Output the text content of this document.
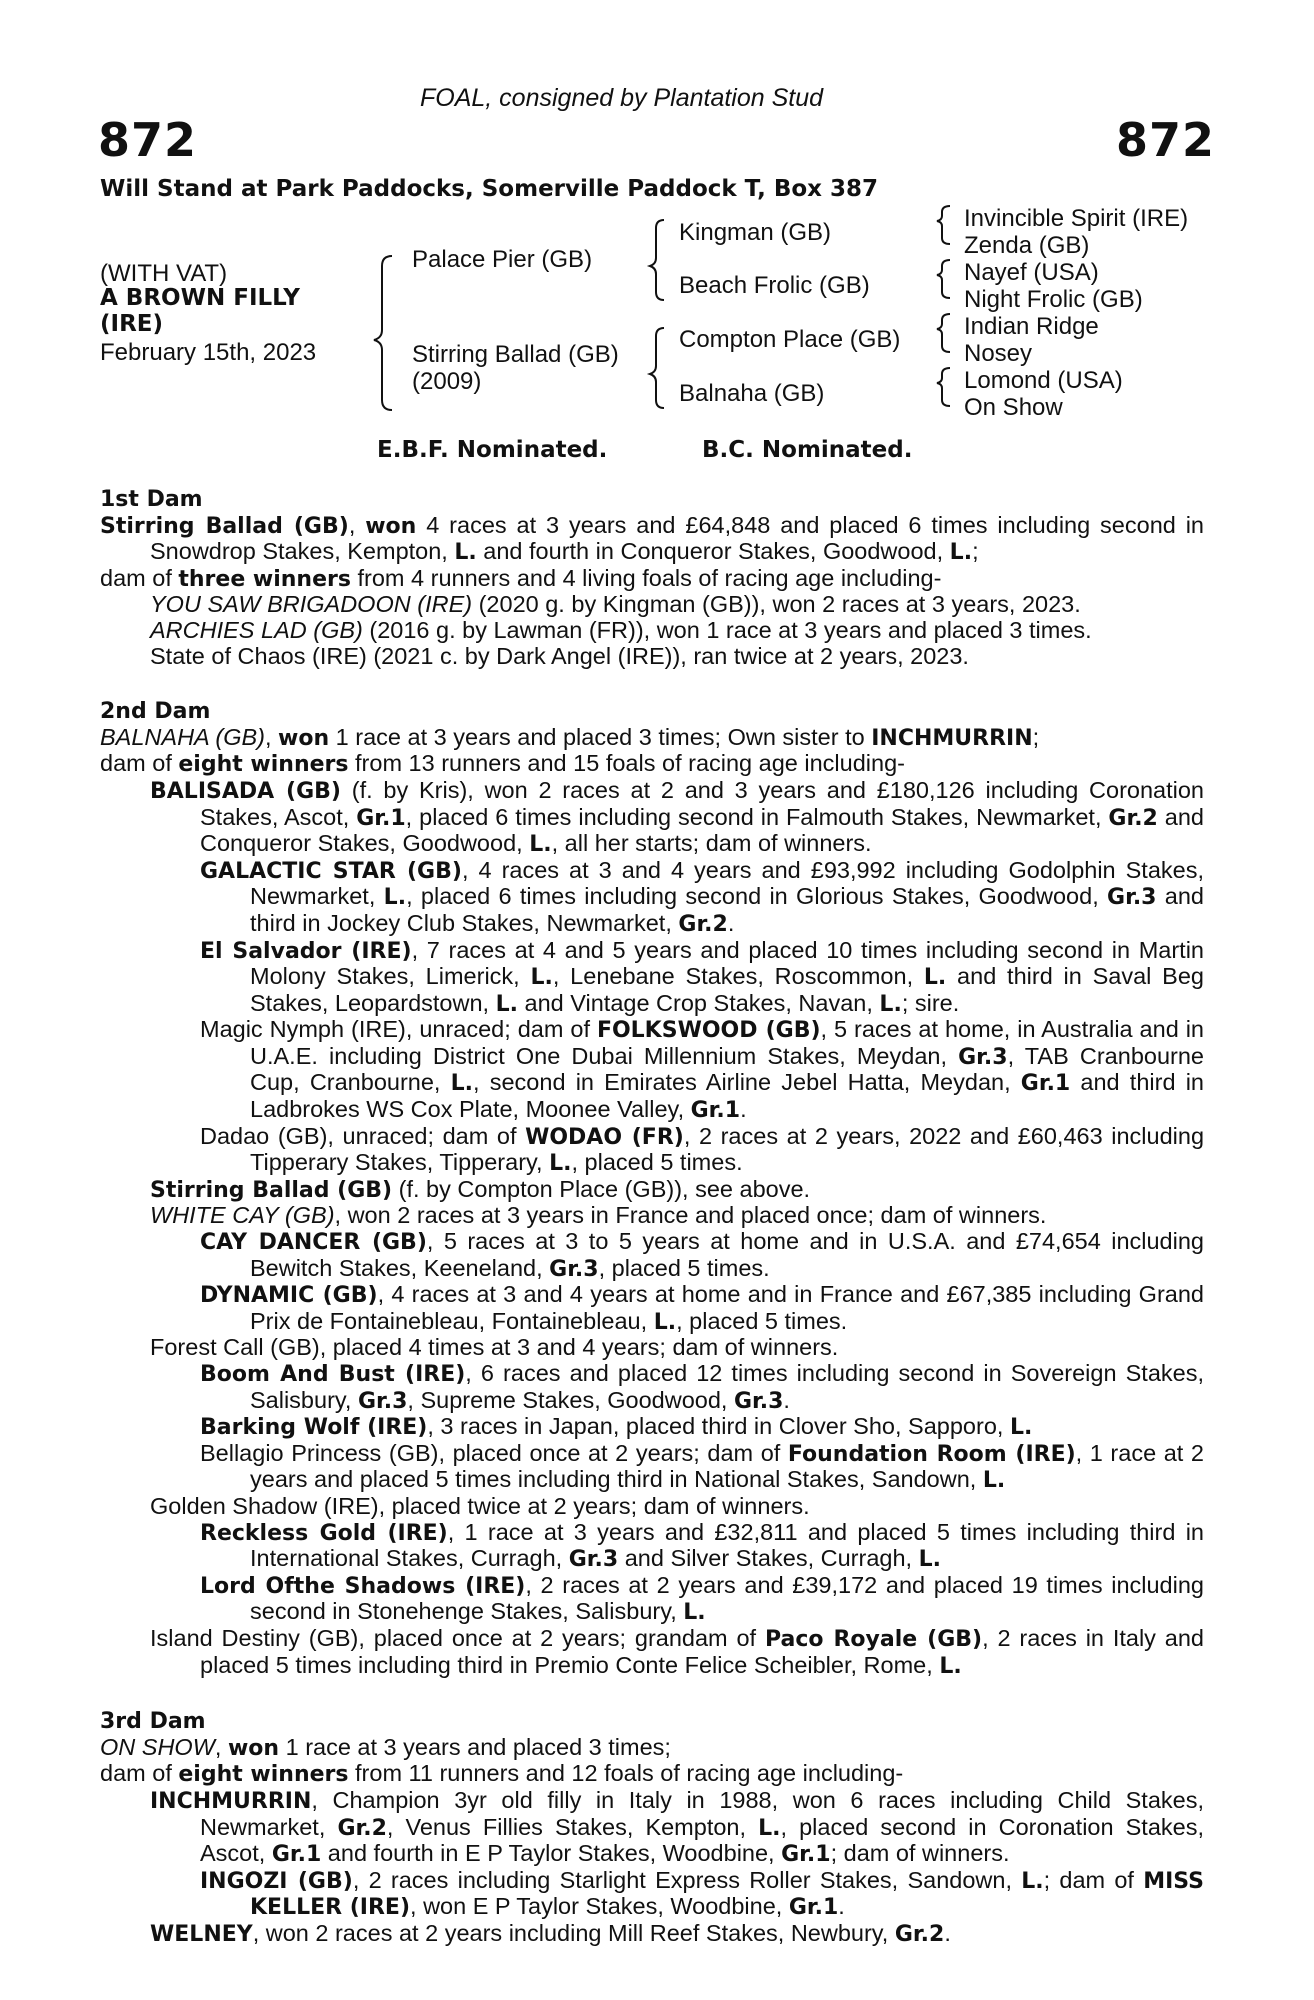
FOAL, consigned by Plantation Stud
872	872
Will Stand at Park Paddocks, Somerville Paddock T, Box 387
(WITH VAT)
A BROWN FILLY
(IRE)
February 15th, 2023
Palace Pier (GB)
Stirring Ballad (GB)
(2009)
Kingman (GB)
Beach Frolic (GB)
Compton Place (GB)
Balnaha (GB)
Invincible Spirit (IRE)
Zenda (GB)
Nayef (USA)
Night Frolic (GB)
Indian Ridge
Nosey
Lomond (USA)
On Show
E.B.F. Nominated.	B.C. Nominated.
1st Dam
Stirring Ballad (GB), won 4 races at 3 years and £64,848 and placed 6 times including second in Snowdrop Stakes, Kempton, L. and fourth in Conqueror Stakes, Goodwood, L.;
dam of three winners from 4 runners and 4 living foals of racing age including-
YOU SAW BRIGADOON (IRE) (2020 g. by Kingman (GB)), won 2 races at 3 years, 2023.
ARCHIES LAD (GB) (2016 g. by Lawman (FR)), won 1 race at 3 years and placed 3 times.
State of Chaos (IRE) (2021 c. by Dark Angel (IRE)), ran twice at 2 years, 2023.
2nd Dam
BALNAHA (GB), won 1 race at 3 years and placed 3 times; Own sister to INCHMURRIN;
dam of eight winners from 13 runners and 15 foals of racing age including-
BALISADA (GB) (f. by Kris), won 2 races at 2 and 3 years and £180,126 including Coronation Stakes, Ascot, Gr.1, placed 6 times including second in Falmouth Stakes, Newmarket, Gr.2 and Conqueror Stakes, Goodwood, L., all her starts; dam of winners.
GALACTIC STAR (GB), 4 races at 3 and 4 years and £93,992 including Godolphin Stakes, Newmarket, L., placed 6 times including second in Glorious Stakes, Goodwood, Gr.3 and third in Jockey Club Stakes, Newmarket, Gr.2.
El Salvador (IRE), 7 races at 4 and 5 years and placed 10 times including second in Martin Molony Stakes, Limerick, L., Lenebane Stakes, Roscommon, L. and third in Saval Beg Stakes, Leopardstown, L. and Vintage Crop Stakes, Navan, L.; sire.
Magic Nymph (IRE), unraced; dam of FOLKSWOOD (GB), 5 races at home, in Australia and in U.A.E. including District One Dubai Millennium Stakes, Meydan, Gr.3, TAB Cranbourne Cup, Cranbourne, L., second in Emirates Airline Jebel Hatta, Meydan, Gr.1 and third in Ladbrokes WS Cox Plate, Moonee Valley, Gr.1.
Dadao (GB), unraced; dam of WODAO (FR), 2 races at 2 years, 2022 and £60,463 including Tipperary Stakes, Tipperary, L., placed 5 times.
Stirring Ballad (GB) (f. by Compton Place (GB)), see above.
WHITE CAY (GB), won 2 races at 3 years in France and placed once; dam of winners.
CAY DANCER (GB), 5 races at 3 to 5 years at home and in U.S.A. and £74,654 including Bewitch Stakes, Keeneland, Gr.3, placed 5 times.
DYNAMIC (GB), 4 races at 3 and 4 years at home and in France and £67,385 including Grand Prix de Fontainebleau, Fontainebleau, L., placed 5 times.
Forest Call (GB), placed 4 times at 3 and 4 years; dam of winners.
Boom And Bust (IRE), 6 races and placed 12 times including second in Sovereign Stakes, Salisbury, Gr.3, Supreme Stakes, Goodwood, Gr.3.
Barking Wolf (IRE), 3 races in Japan, placed third in Clover Sho, Sapporo, L.
Bellagio Princess (GB), placed once at 2 years; dam of Foundation Room (IRE), 1 race at 2 years and placed 5 times including third in National Stakes, Sandown, L.
Golden Shadow (IRE), placed twice at 2 years; dam of winners.
Reckless Gold (IRE), 1 race at 3 years and £32,811 and placed 5 times including third in International Stakes, Curragh, Gr.3 and Silver Stakes, Curragh, L.
Lord Ofthe Shadows (IRE), 2 races at 2 years and £39,172 and placed 19 times including second in Stonehenge Stakes, Salisbury, L.
Island Destiny (GB), placed once at 2 years; grandam of Paco Royale (GB), 2 races in Italy and placed 5 times including third in Premio Conte Felice Scheibler, Rome, L.
3rd Dam
ON SHOW, won 1 race at 3 years and placed 3 times;
dam of eight winners from 11 runners and 12 foals of racing age including-
INCHMURRIN, Champion 3yr old filly in Italy in 1988, won 6 races including Child Stakes, Newmarket, Gr.2, Venus Fillies Stakes, Kempton, L., placed second in Coronation Stakes, Ascot, Gr.1 and fourth in E P Taylor Stakes, Woodbine, Gr.1; dam of winners.
INGOZI (GB), 2 races including Starlight Express Roller Stakes, Sandown, L.; dam of MISS KELLER (IRE), won E P Taylor Stakes, Woodbine, Gr.1.
WELNEY, won 2 races at 2 years including Mill Reef Stakes, Newbury, Gr.2.
